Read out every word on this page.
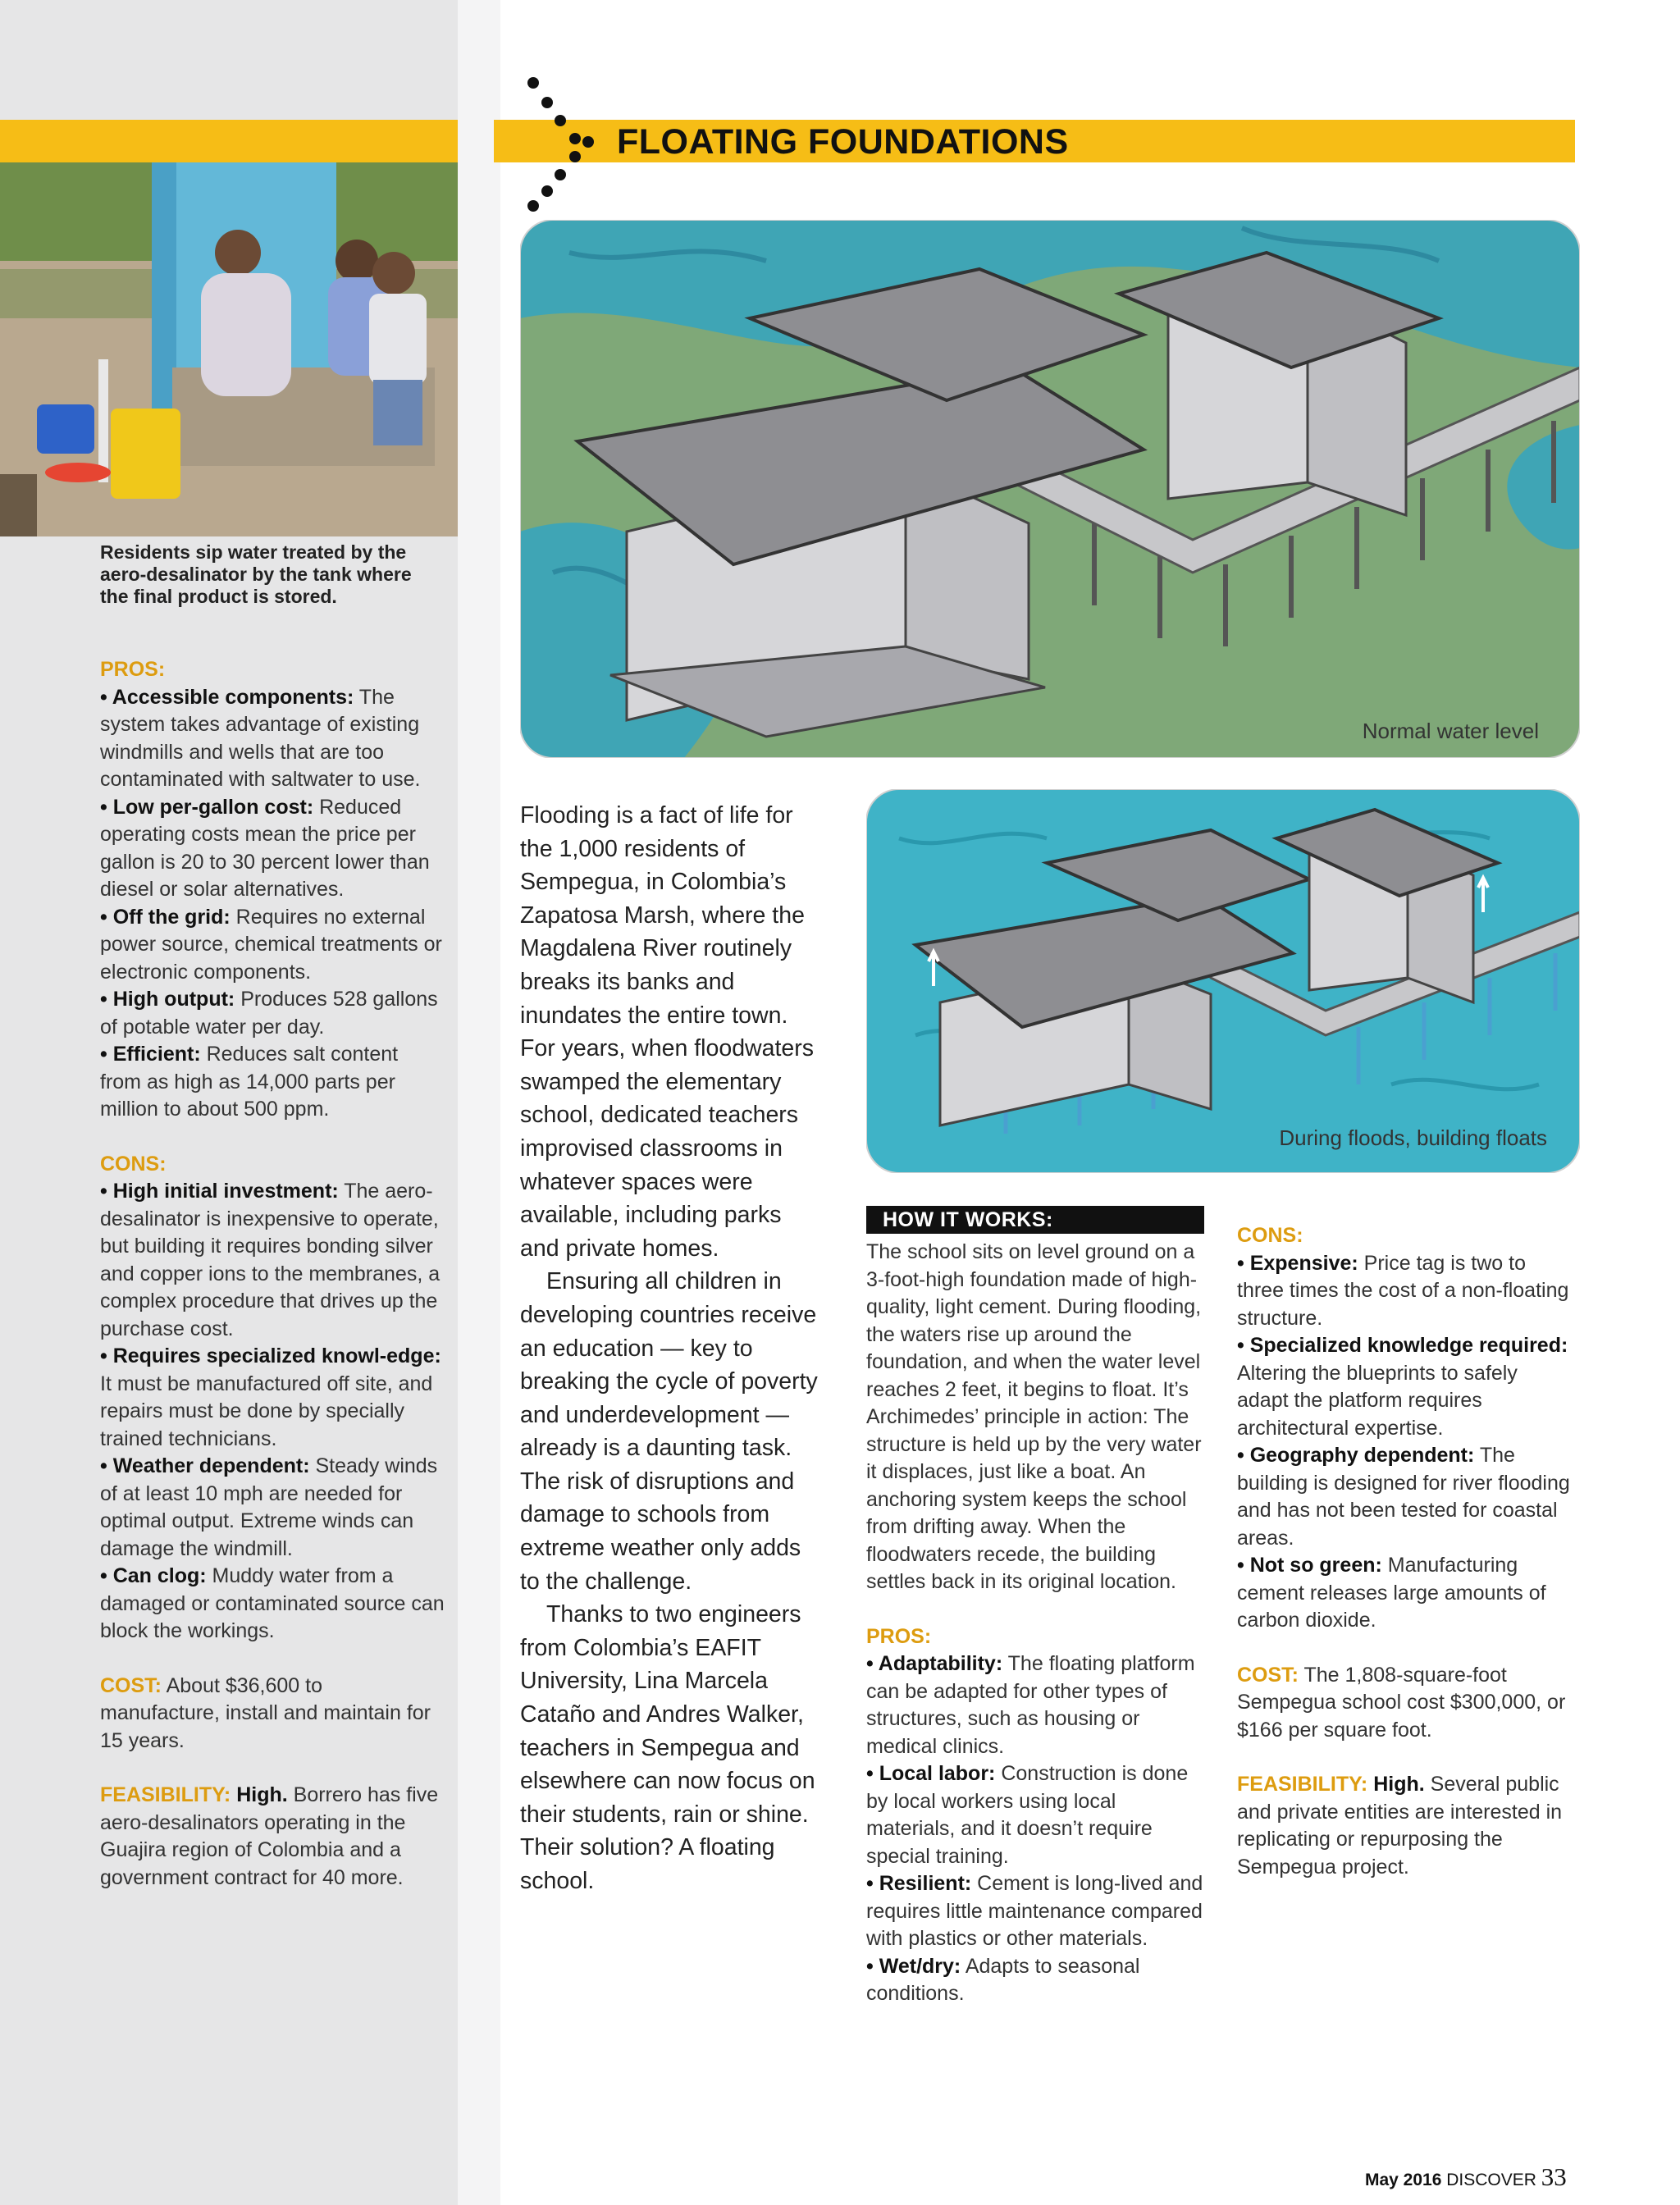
FLOATING FOUNDATIONS
Residents sip water treated by the aero-desalinator by the tank where the final product is stored.

PROS:

• Accessible components: The system takes advantage of existing windmills and wells that are too contaminated with saltwater to use.

• Low per-gallon cost: Reduced operating costs mean the price per gallon is 20 to 30 percent lower than diesel or solar alternatives.

• Off the grid: Requires no external power source, chemical treatments or electronic components.

• High output: Produces 528 gallons of potable water per day.

• Efficient: Reduces salt content from as high as 14,000 parts per million to about 500 ppm.

CONS:

• High initial investment: The aero-desalinator is inexpensive to operate, but building it requires bonding silver and copper ions to the membranes, a complex procedure that drives up the purchase cost.

• Requires specialized knowl-edge: It must be manufactured off site, and repairs must be done by specially trained technicians.

• Weather dependent: Steady winds of at least 10 mph are needed for optimal output. Extreme winds can damage the windmill.

• Can clog: Muddy water from a damaged or contaminated source can block the workings.

COST: About $36,600 to manufacture, install and maintain for 15 years.

FEASIBILITY: High. Borrero has five aero-desalinators operating in the Guajira region of Colombia and a government contract for 40 more.

Normal water level
During floods, building floats

Flooding is a fact of life for the 1,000 residents of Sempegua, in Colombia’s Zapatosa Marsh, where the Magdalena River routinely breaks its banks and inundates the entire town. For years, when floodwaters swamped the elementary school, dedicated teachers improvised classrooms in whatever spaces were available, including parks and private homes.

Ensuring all children in developing countries receive an education — key to breaking the cycle of poverty and underdevelopment — already is a daunting task. The risk of disruptions and damage to schools from extreme weather only adds to the challenge.

Thanks to two engineers from Colombia’s EAFIT University, Lina Marcela Cataño and Andres Walker, teachers in Sempegua and elsewhere can now focus on their students, rain or shine. Their solution? A floating school.

HOW IT WORKS:

The school sits on level ground on a 3-foot-high foundation made of high-quality, light cement. During flooding, the waters rise up around the foundation, and when the water level reaches 2 feet, it begins to float. It’s Archimedes’ principle in action: The structure is held up by the very water it displaces, just like a boat. An anchoring system keeps the school from drifting away. When the floodwaters recede, the building settles back in its original location.

PROS:

• Adaptability: The floating platform can be adapted for other types of structures, such as housing or medical clinics.

• Local labor: Construction is done by local workers using local materials, and it doesn’t require special training.

• Resilient: Cement is long-lived and requires little maintenance compared with plastics or other materials.

• Wet/dry: Adapts to seasonal conditions.

CONS:

• Expensive: Price tag is two to three times the cost of a non-floating structure.

• Specialized knowledge required: Altering the blueprints to safely adapt the platform requires architectural expertise.

• Geography dependent: The building is designed for river flooding and has not been tested for coastal areas.

• Not so green: Manufacturing cement releases large amounts of carbon dioxide.

COST: The 1,808-square-foot Sempegua school cost $300,000, or $166 per square foot.

FEASIBILITY: High. Several public and private entities are interested in replicating or repurposing the Sempegua project.

May 2016 DISCOVER 33
